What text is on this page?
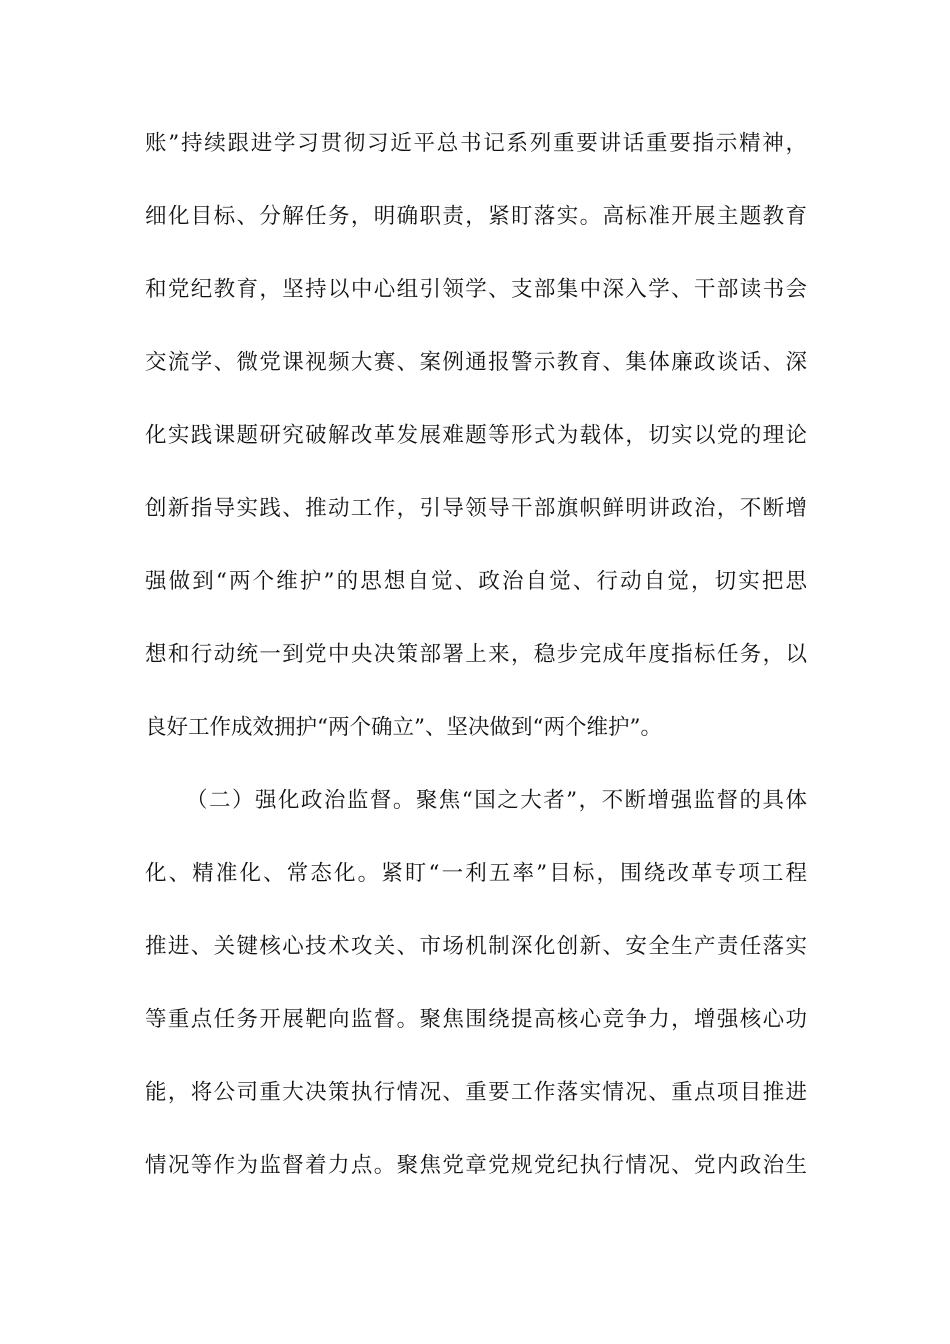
账”持续跟进学习贯彻习近平总书记系列重要讲话重要指示精神，
细化目标、分解任务，明确职责，紧盯落实。高标准开展主题教育
和党纪教育，坚持以中心组引领学、支部集中深入学、干部读书会
交流学、微党课视频大赛、案例通报警示教育、集体廉政谈话、深
化实践课题研究破解改革发展难题等形式为载体，切实以党的理论
创新指导实践、推动工作，引导领导干部旗帜鲜明讲政治，不断增
强做到“两个维护”的思想自觉、政治自觉、行动自觉，切实把思
想和行动统一到党中央决策部署上来，稳步完成年度指标任务，以
良好工作成效拥护“两个确立”、坚决做到“两个维护”。
（二）强化政治监督。聚焦“国之大者”，不断增强监督的具体
化、精准化、常态化。紧盯“一利五率”目标，围绕改革专项工程
推进、关键核心技术攻关、市场机制深化创新、安全生产责任落实
等重点任务开展靶向监督。聚焦围绕提高核心竞争力，增强核心功
能，将公司重大决策执行情况、重要工作落实情况、重点项目推进
情况等作为监督着力点。聚焦党章党规党纪执行情况、党内政治生
